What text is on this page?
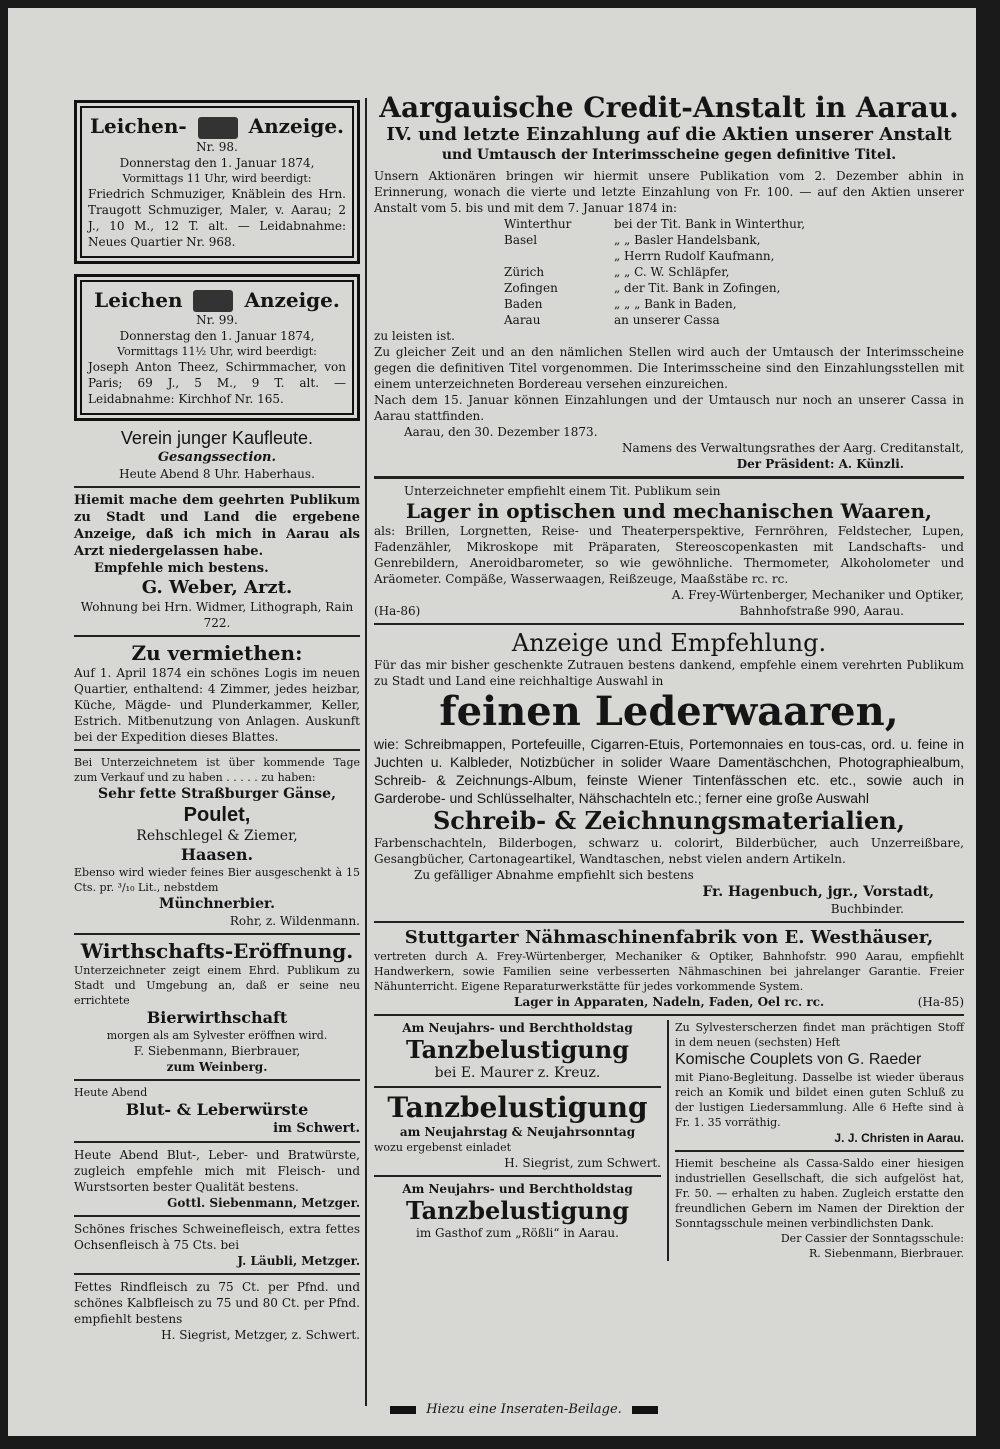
Leichen-	Anzeige.

Nr. 98.

Donnerstag den 1. Januar 1874,

Vormittags 11 Uhr, wird beerdigt:

Friedrich Schmuziger, Knäblein des Hrn. Traugott Schmuziger, Maler, v. Aarau; 2 J., 10 M., 12 T. alt. — Leidabnahme: Neues Quartier Nr. 968.

Leichen	Anzeige.

Nr. 99.

Donnerstag den 1. Januar 1874,

Vormittags 11½ Uhr, wird beerdigt:

Joseph Anton Theez, Schirmmacher, von Paris; 69 J., 5 M., 9 T. alt. — Leidabnahme: Kirchhof Nr. 165.

Verein junger Kaufleute.

Gesangssection.

Heute Abend 8 Uhr. Haberhaus.

Hiemit mache dem geehrten Publikum zu Stadt und Land die ergebene Anzeige, daß ich mich in Aarau als Arzt niedergelassen habe.

Empfehle mich bestens.

G. Weber, Arzt.

Wohnung bei Hrn. Widmer, Lithograph, Rain 722.

Zu vermiethen:

Auf 1. April 1874 ein schönes Logis im neuen Quartier, enthaltend: 4 Zimmer, jedes heizbar, Küche, Mägde- und Plunderkammer, Keller, Estrich. Mitbenutzung von Anlagen. Auskunft bei der Expedition dieses Blattes.

Bei Unterzeichnetem ist über kommende Tage zum Verkauf und zu haben . . . . . zu haben:

Sehr fette Straßburger Gänse,

Poulet,

Rehschlegel & Ziemer,

Haasen.

Ebenso wird wieder feines Bier ausgeschenkt à 15 Cts. pr. ³/₁₀ Lit., nebstdem

Münchnerbier.

Rohr, z. Wildenmann.

Wirthschafts-Eröffnung.

Unterzeichneter zeigt einem Ehrd. Publikum zu Stadt und Umgebung an, daß er seine neu errichtete

Bierwirthschaft

morgen als am Sylvester eröffnen wird.

F. Siebenmann, Bierbrauer,

zum Weinberg.

Heute Abend

Blut- & Leberwürste

im Schwert.

Heute Abend Blut-, Leber- und Bratwürste, zugleich empfehle mich mit Fleisch- und Wurstsorten bester Qualität bestens.

Gottl. Siebenmann, Metzger.

Schönes frisches Schweinefleisch, extra fettes Ochsenfleisch à 75 Cts. bei

J. Läubli, Metzger.

Fettes Rindfleisch zu 75 Ct. per Pfnd. und schönes Kalbfleisch zu 75 und 80 Ct. per Pfnd. empfiehlt bestens

H. Siegrist, Metzger, z. Schwert.

Aargauische Credit-Anstalt in Aarau.

IV. und letzte Einzahlung auf die Aktien unserer Anstalt

und Umtausch der Interimsscheine gegen definitive Titel.

Unsern Aktionären bringen wir hiermit unsere Publikation vom 2. Dezember abhin in Erinnerung, wonach die vierte und letzte Einzahlung von Fr. 100. — auf den Aktien unserer Anstalt vom 5. bis und mit dem 7. Januar 1874 in:

Winterthur	bei der Tit. Bank in Winterthur,
Basel	„ „ Basler Handelsbank,
„ Herrn Rudolf Kaufmann,
Zürich	„ „ C. W. Schläpfer,
Zofingen	„ der Tit. Bank in Zofingen,
Baden	„ „ „ Bank in Baden,
Aarau	an unserer Cassa

zu leisten ist.

Zu gleicher Zeit und an den nämlichen Stellen wird auch der Umtausch der Interimsscheine gegen die definitiven Titel vorgenommen. Die Interimsscheine sind den Einzahlungsstellen mit einem unterzeichneten Bordereau versehen einzureichen.

Nach dem 15. Januar können Einzahlungen und der Umtausch nur noch an unserer Cassa in Aarau stattfinden.

Aarau, den 30. Dezember 1873.

Namens des Verwaltungsrathes der Aarg. Creditanstalt,

Der Präsident: A. Künzli.

Unterzeichneter empfiehlt einem Tit. Publikum sein

Lager in optischen und mechanischen Waaren,

als: Brillen, Lorgnetten, Reise- und Theaterperspektive, Fernröhren, Feldstecher, Lupen, Fadenzähler, Mikroskope mit Präparaten, Stereoscopenkasten mit Landschafts- und Genrebildern, Aneroidbarometer, so wie gewöhnliche. Thermometer, Alkoholometer und Aräometer. Compäße, Wasserwaagen, Reißzeuge, Maaßstäbe rc. rc.

A. Frey-Würtenberger, Mechaniker und Optiker,

(Ha-86)	Bahnhofstraße 990, Aarau.

Anzeige und Empfehlung.

Für das mir bisher geschenkte Zutrauen bestens dankend, empfehle einem verehrten Publikum zu Stadt und Land eine reichhaltige Auswahl in

feinen Lederwaaren,

wie: Schreibmappen, Portefeuille, Cigarren-Etuis, Portemonnaies en tous-cas, ord. u. feine in Juchten u. Kalbleder, Notizbücher in solider Waare Damentäschchen, Photographiealbum, Schreib- & Zeichnungs-Album, feinste Wiener Tintenfässchen etc. etc., sowie auch in Garderobe- und Schlüsselhalter, Nähschachteln etc.; ferner eine große Auswahl

Schreib- & Zeichnungsmaterialien,

Farbenschachteln, Bilderbogen, schwarz u. colorirt, Bilderbücher, auch Unzerreißbare, Gesangbücher, Cartonageartikel, Wandtaschen, nebst vielen andern Artikeln.

Zu gefälliger Abnahme empfiehlt sich bestens

Fr. Hagenbuch, jgr., Vorstadt,

Buchbinder.

Stuttgarter Nähmaschinenfabrik von E. Westhäuser,

vertreten durch A. Frey-Würtenberger, Mechaniker & Optiker, Bahnhofstr. 990 Aarau, empfiehlt Handwerkern, sowie Familien seine verbesserten Nähmaschinen bei jahrelanger Garantie. Freier Nähunterricht. Eigene Reparaturwerkstätte für jedes vorkommende System.

Lager in Apparaten, Nadeln, Faden, Oel rc. rc.	(Ha-85)

Am Neujahrs- und Berchtholdstag

Tanzbelustigung

bei E. Maurer z. Kreuz.

Tanzbelustigung

am Neujahrstag & Neujahrsonntag

wozu ergebenst einladet

H. Siegrist, zum Schwert.

Am Neujahrs- und Berchtholdstag

Tanzbelustigung

im Gasthof zum „Rößli“ in Aarau.

Zu Sylvesterscherzen findet man prächtigen Stoff in dem neuen (sechsten) Heft

Komische Couplets von G. Raeder

mit Piano-Begleitung. Dasselbe ist wieder überaus reich an Komik und bildet einen guten Schluß zu der lustigen Liedersammlung. Alle 6 Hefte sind à Fr. 1. 35 vorräthig.

J. J. Christen in Aarau.

Hiemit bescheine als Cassa-Saldo einer hiesigen industriellen Gesellschaft, die sich aufgelöst hat, Fr. 50. — erhalten zu haben. Zugleich erstatte den freundlichen Gebern im Namen der Direktion der Sonntagsschule meinen verbindlichsten Dank.

Der Cassier der Sonntagsschule:

R. Siebenmann, Bierbrauer.

Hiezu eine Inseraten-Beilage.
